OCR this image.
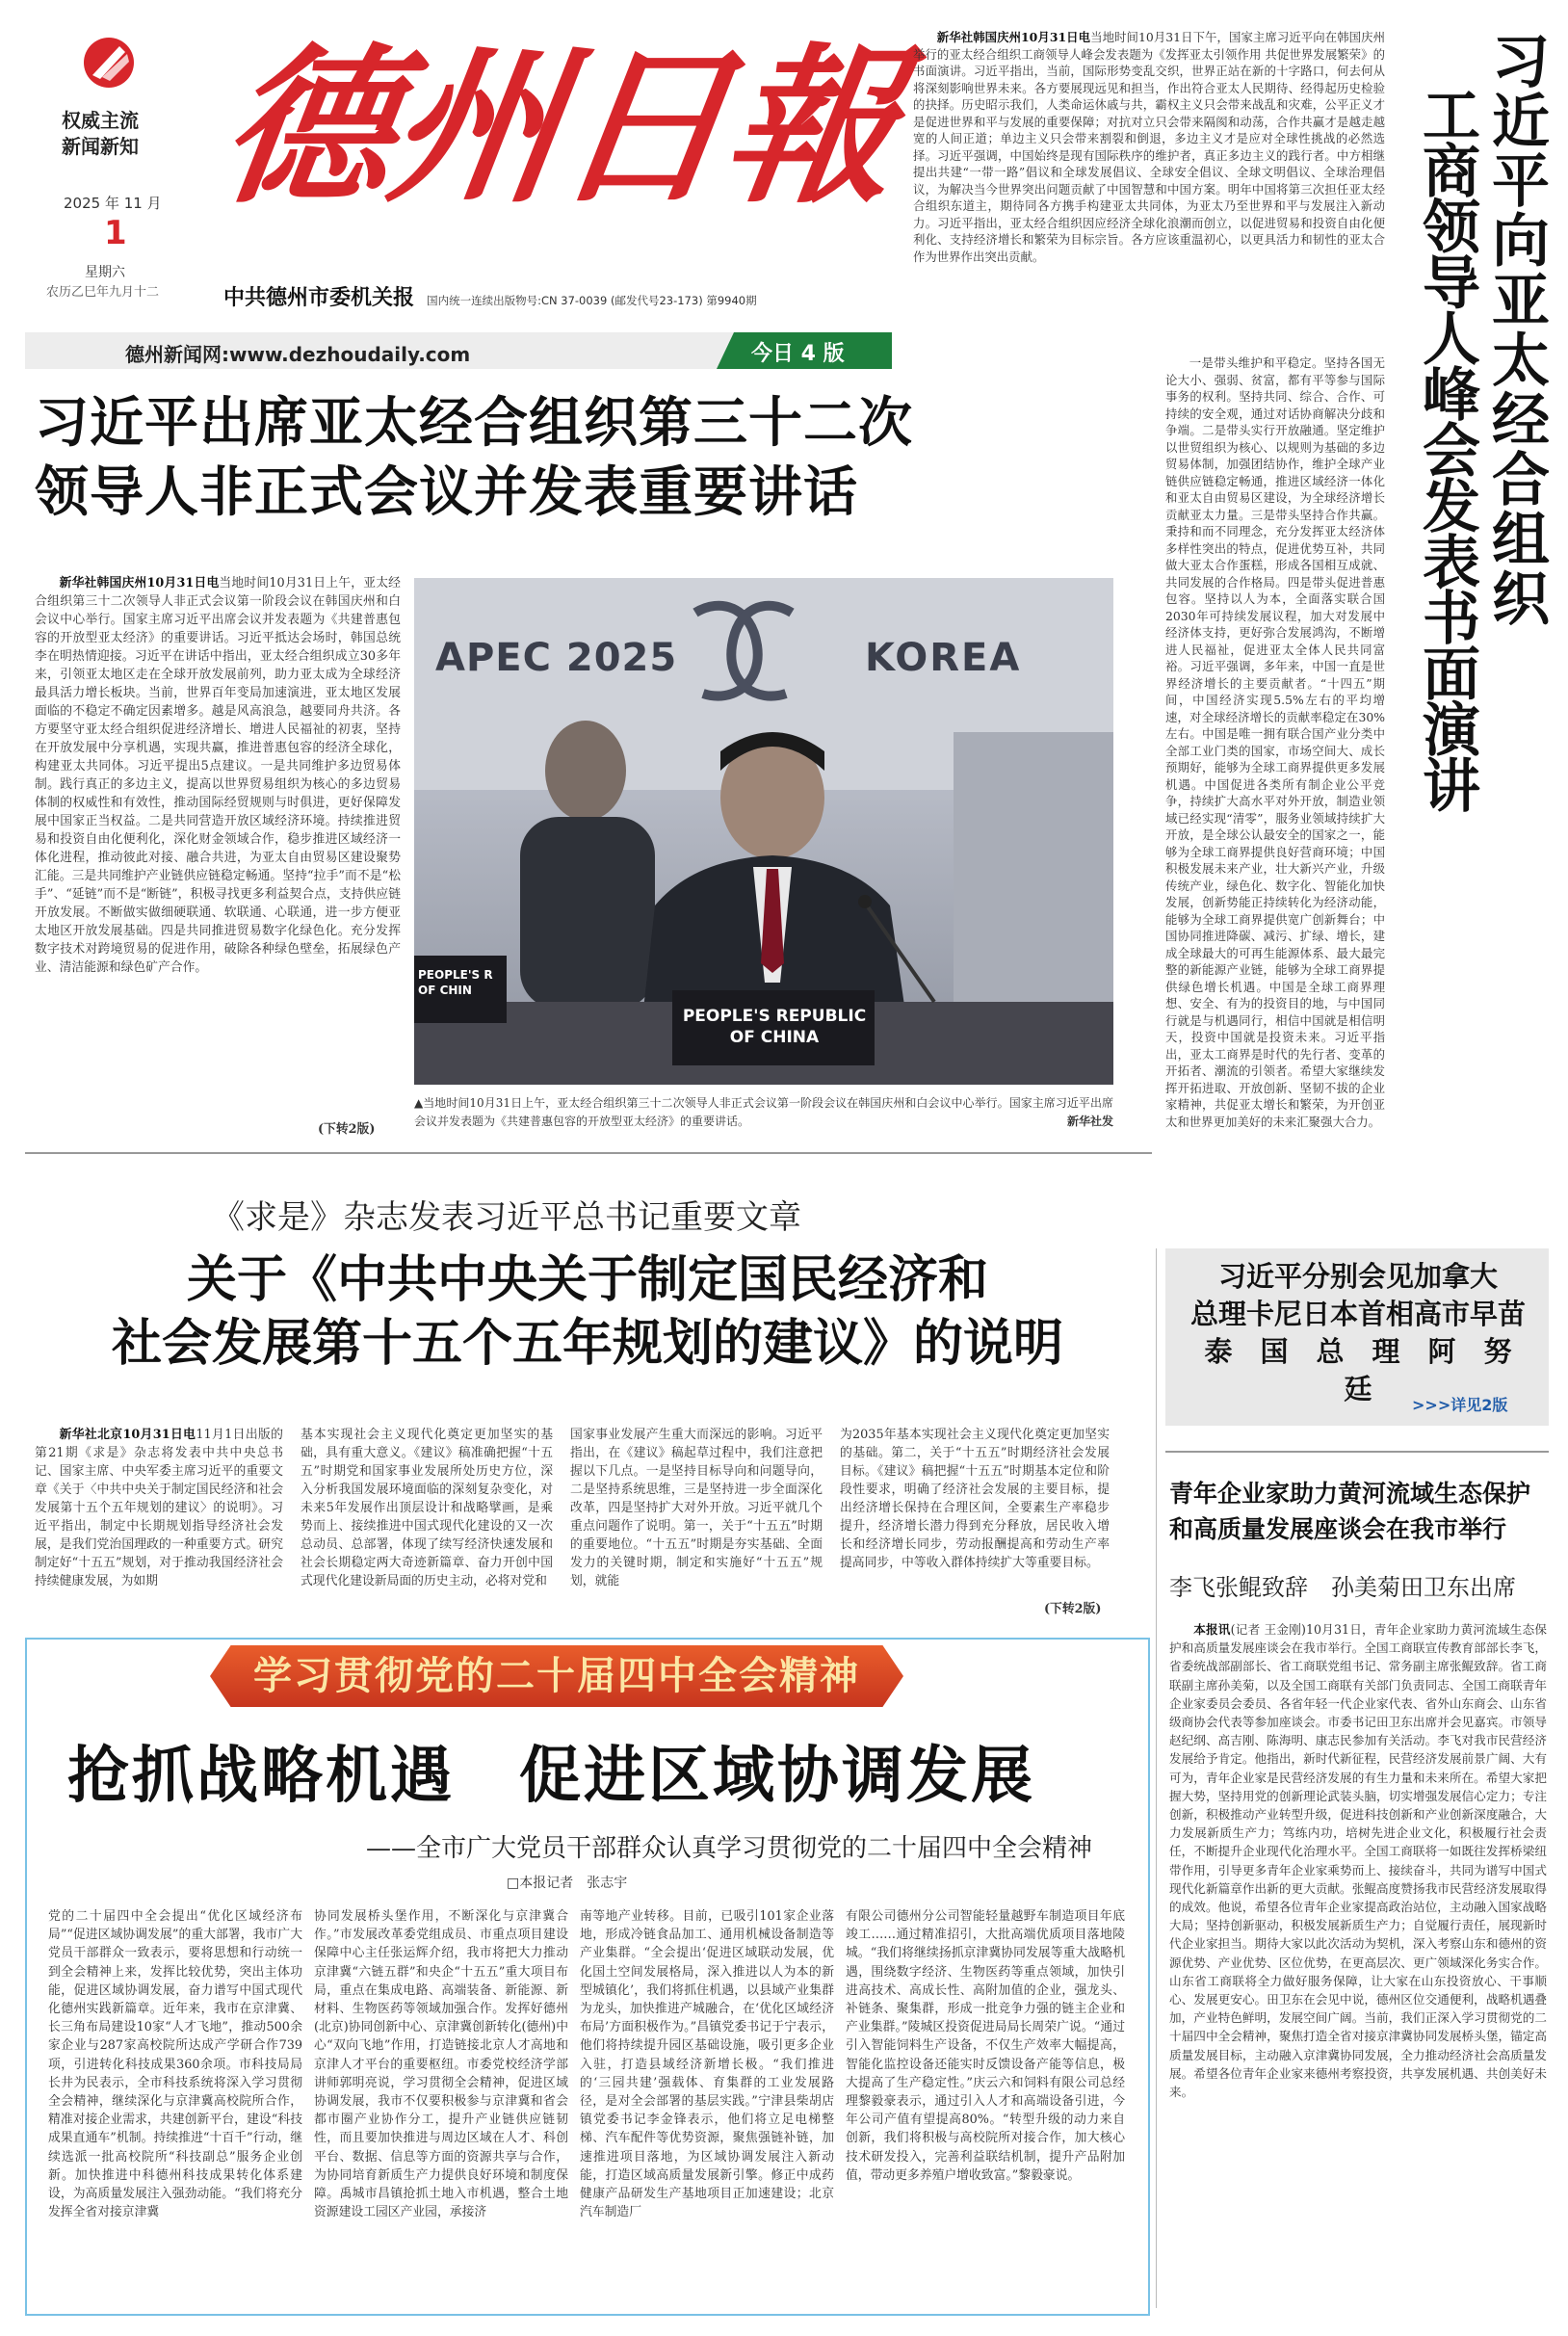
权威主流
新闻新知
2025 年 11 月
1
星期六
农历乙巳年九月十二
德州日報
中共德州市委机关报 国内统一连续出版物号:CN 37-0039 (邮发代号23-173) 第9940期
德州新闻网:www.dezhoudaily.com	今日 4 版

新华社韩国庆州10月31日电当地时间10月31日下午，国家主席习近平向在韩国庆州举行的亚太经合组织工商领导人峰会发表题为《发挥亚太引领作用 共促世界发展繁荣》的书面演讲。习近平指出，当前，国际形势变乱交织，世界正站在新的十字路口，何去何从将深刻影响世界未来。各方要展现远见和担当，作出符合亚太人民期待、经得起历史检验的抉择。历史昭示我们，人类命运休戚与共，霸权主义只会带来战乱和灾难，公平正义才是促进世界和平与发展的重要保障；对抗对立只会带来隔阂和动荡，合作共赢才是越走越宽的人间正道；单边主义只会带来割裂和倒退，多边主义才是应对全球性挑战的必然选择。习近平强调，中国始终是现有国际秩序的维护者，真正多边主义的践行者。中方相继提出共建“一带一路”倡议和全球发展倡议、全球安全倡议、全球文明倡议、全球治理倡议，为解决当今世界突出问题贡献了中国智慧和中国方案。明年中国将第三次担任亚太经合组织东道主，期待同各方携手构建亚太共同体，为亚太乃至世界和平与发展注入新动力。习近平指出，亚太经合组织因应经济全球化浪潮而创立，以促进贸易和投资自由化便利化、支持经济增长和繁荣为目标宗旨。各方应该重温初心，以更具活力和韧性的亚太合作为世界作出突出贡献。	习近平向亚太经合组织
工商领导人峰会发表书面演讲

一是带头维护和平稳定。坚持各国无论大小、强弱、贫富，都有平等参与国际事务的权利。坚持共同、综合、合作、可持续的安全观，通过对话协商解决分歧和争端。二是带头实行开放融通。坚定维护以世贸组织为核心、以规则为基础的多边贸易体制，加强团结协作，维护全球产业链供应链稳定畅通，推进区域经济一体化和亚太自由贸易区建设，为全球经济增长贡献亚太力量。三是带头坚持合作共赢。秉持和而不同理念，充分发挥亚太经济体多样性突出的特点，促进优势互补，共同做大亚太合作蛋糕，形成各国相互成就、共同发展的合作格局。四是带头促进普惠包容。坚持以人为本，全面落实联合国2030年可持续发展议程，加大对发展中经济体支持，更好弥合发展鸿沟，不断增进人民福祉，促进亚太全体人民共同富裕。习近平强调，多年来，中国一直是世界经济增长的主要贡献者。“十四五”期间，中国经济实现5.5%左右的平均增速，对全球经济增长的贡献率稳定在30%左右。中国是唯一拥有联合国产业分类中全部工业门类的国家，市场空间大、成长预期好，能够为全球工商界提供更多发展机遇。中国促进各类所有制企业公平竞争，持续扩大高水平对外开放，制造业领域已经实现“清零”，服务业领域持续扩大开放，是全球公认最安全的国家之一，能够为全球工商界提供良好营商环境；中国积极发展未来产业，壮大新兴产业，升级传统产业，绿色化、数字化、智能化加快发展，创新势能正持续转化为经济动能，能够为全球工商界提供宽广创新舞台；中国协同推进降碳、减污、扩绿、增长，建成全球最大的可再生能源体系、最大最完整的新能源产业链，能够为全球工商界提供绿色增长机遇。中国是全球工商界理想、安全、有为的投资目的地，与中国同行就是与机遇同行，相信中国就是相信明天，投资中国就是投资未来。习近平指出，亚太工商界是时代的先行者、变革的开拓者、潮流的引领者。希望大家继续发挥开拓进取、开放创新、坚韧不拔的企业家精神，共促亚太增长和繁荣，为开创亚太和世界更加美好的未来汇聚强大合力。

习近平出席亚太经合组织第三十二次
领导人非正式会议并发表重要讲话

新华社韩国庆州10月31日电当地时间10月31日上午，亚太经合组织第三十二次领导人非正式会议第一阶段会议在韩国庆州和白会议中心举行。国家主席习近平出席会议并发表题为《共建普惠包容的开放型亚太经济》的重要讲话。习近平抵达会场时，韩国总统李在明热情迎接。习近平在讲话中指出，亚太经合组织成立30多年来，引领亚太地区走在全球开放发展前列，助力亚太成为全球经济最具活力增长板块。当前，世界百年变局加速演进，亚太地区发展面临的不稳定不确定因素增多。越是风高浪急，越要同舟共济。各方要坚守亚太经合组织促进经济增长、增进人民福祉的初衷，坚持在开放发展中分享机遇，实现共赢，推进普惠包容的经济全球化，构建亚太共同体。习近平提出5点建议。一是共同维护多边贸易体制。践行真正的多边主义，提高以世界贸易组织为核心的多边贸易体制的权威性和有效性，推动国际经贸规则与时俱进，更好保障发展中国家正当权益。二是共同营造开放区域经济环境。持续推进贸易和投资自由化便利化，深化财金领域合作，稳步推进区域经济一体化进程，推动彼此对接、融合共进，为亚太自由贸易区建设聚势汇能。三是共同维护产业链供应链稳定畅通。坚持“拉手”而不是“松手”、“延链”而不是“断链”，积极寻找更多利益契合点，支持供应链开放发展。不断做实做细硬联通、软联通、心联通，进一步方便亚太地区开放发展基础。四是共同推进贸易数字化绿色化。充分发挥数字技术对跨境贸易的促进作用，破除各种绿色壁垒，拓展绿色产业、清洁能源和绿色矿产合作。

(下转2版)
APEC 2025	KOREA
PEOPLE'S REPUBLIC
OF CHINA
PEOPLE'S R
OF CHIN
▲当地时间10月31日上午，亚太经合组织第三十二次领导人非正式会议第一阶段会议在韩国庆州和白会议中心举行。国家主席习近平出席会议并发表题为《共建普惠包容的开放型亚太经济》的重要讲话。	新华社发
《求是》杂志发表习近平总书记重要文章
关于《中共中央关于制定国民经济和
社会发展第十五个五年规划的建议》的说明

新华社北京10月31日电11月1日出版的第21期《求是》杂志将发表中共中央总书记、国家主席、中央军委主席习近平的重要文章《关于〈中共中央关于制定国民经济和社会发展第十五个五年规划的建议〉的说明》。习近平指出，制定中长期规划指导经济社会发展，是我们党治国理政的一种重要方式。研究制定好“十五五”规划，对于推动我国经济社会持续健康发展，为如期

基本实现社会主义现代化奠定更加坚实的基础，具有重大意义。《建议》稿准确把握“十五五”时期党和国家事业发展所处历史方位，深入分析我国发展环境面临的深刻复杂变化，对未来5年发展作出顶层设计和战略擘画，是乘势而上、接续推进中国式现代化建设的又一次总动员、总部署，体现了续写经济快速发展和社会长期稳定两大奇迹新篇章、奋力开创中国式现代化建设新局面的历史主动，必将对党和
国家事业发展产生重大而深远的影响。习近平指出，在《建议》稿起草过程中，我们注意把握以下几点。一是坚持目标导向和问题导向，二是坚持系统思维，三是坚持进一步全面深化改革，四是坚持扩大对外开放。习近平就几个重点问题作了说明。第一，关于“十五五”时期的重要地位。“十五五”时期是夯实基础、全面发力的关键时期，制定和实施好“十五五”规划，就能
为2035年基本实现社会主义现代化奠定更加坚实的基础。第二，关于“十五五”时期经济社会发展目标。《建议》稿把握“十五五”时期基本定位和阶段性要求，明确了经济社会发展的主要目标，提出经济增长保持在合理区间，全要素生产率稳步提升，经济增长潜力得到充分释放，居民收入增长和经济增长同步，劳动报酬提高和劳动生产率提高同步，中等收入群体持续扩大等重要目标。
(下转2版)
习近平分别会见加拿大
总理卡尼日本首相高市早苗
泰　国　总　理　阿　努　廷	>>>详见2版
青年企业家助力黄河流域生态保护
和高质量发展座谈会在我市举行
李飞张鲲致辞　孙美菊田卫东出席

本报讯(记者 王金刚)10月31日，青年企业家助力黄河流域生态保护和高质量发展座谈会在我市举行。全国工商联宣传教育部部长李飞，省委统战部副部长、省工商联党组书记、常务副主席张鲲致辞。省工商联副主席孙美菊，以及全国工商联有关部门负责同志、全国工商联青年企业家委员会委员、各省年轻一代企业家代表、省外山东商会、山东省级商协会代表等参加座谈会。市委书记田卫东出席并会见嘉宾。市领导赵纪纲、高吉刚、陈海明、康志民参加有关活动。李飞对我市民营经济发展给予肯定。他指出，新时代新征程，民营经济发展前景广阔、大有可为，青年企业家是民营经济发展的有生力量和未来所在。希望大家把握大势，坚持用党的创新理论武装头脑，切实增强发展信心定力；专注创新，积极推动产业转型升级，促进科技创新和产业创新深度融合，大力发展新质生产力；笃练内功，培树先进企业文化，积极履行社会责任，不断提升企业现代化治理水平。全国工商联将一如既往发挥桥梁纽带作用，引导更多青年企业家乘势而上、接续奋斗，共同为谱写中国式现代化新篇章作出新的更大贡献。张鲲高度赞扬我市民营经济发展取得的成效。他说，希望各位青年企业家提高政治站位，主动融入国家战略大局；坚持创新驱动，积极发展新质生产力；自觉履行责任，展现新时代企业家担当。期待大家以此次活动为契机，深入考察山东和德州的资源优势、产业优势、区位优势，在更高层次、更广领域深化务实合作。山东省工商联将全力做好服务保障，让大家在山东投资放心、干事顺心、发展更安心。田卫东在会见中说，德州区位交通便利，战略机遇叠加，产业特色鲜明，发展空间广阔。当前，我们正深入学习贯彻党的二十届四中全会精神，聚焦打造全省对接京津冀协同发展桥头堡，锚定高质量发展目标，主动融入京津冀协同发展，全力推动经济社会高质量发展。希望各位青年企业家来德州考察投资，共享发展机遇、共创美好未来。

学习贯彻党的二十届四中全会精神
抢抓战略机遇　促进区域协调发展
——全市广大党员干部群众认真学习贯彻党的二十届四中全会精神
□本报记者　张志宇
党的二十届四中全会提出“优化区域经济布局”“促进区域协调发展”的重大部署，我市广大党员干部群众一致表示，要将思想和行动统一到全会精神上来，发挥比较优势，突出主体功能，促进区域协调发展，奋力谱写中国式现代化德州实践新篇章。近年来，我市在京津冀、长三角布局建设10家“人才飞地”，推动500余家企业与287家高校院所达成产学研合作739项，引进转化科技成果360余项。市科技局局长井为民表示，全市科技系统将深入学习贯彻全会精神，继续深化与京津冀高校院所合作，精准对接企业需求，共建创新平台，建设“科技成果直通车”机制。持续推进“十百千”行动，继续选派一批高校院所“科技副总”服务企业创新。加快推进中科德州科技成果转化体系建设，为高质量发展注入强劲动能。“我们将充分发挥全省对接京津冀
协同发展桥头堡作用，不断深化与京津冀合作。”市发展改革委党组成员、市重点项目建设保障中心主任张运辉介绍，我市将把大力推动京津冀“六链五群”和央企“十五五”重大项目布局，重点在集成电路、高端装备、新能源、新材料、生物医药等领域加强合作。发挥好德州(北京)协同创新中心、京津冀创新转化(德州)中心“双向飞地”作用，打造链接北京人才高地和京津人才平台的重要枢纽。市委党校经济学部讲师郭明亮说，学习贯彻全会精神，促进区域协调发展，我市不仅要积极参与京津冀和省会都市圈产业协作分工，提升产业链供应链韧性，而且要加快推进与周边区域在人才、科创平台、数据、信息等方面的资源共享与合作，为协同培育新质生产力提供良好环境和制度保障。禹城市昌镇抢抓土地入市机遇，整合土地资源建设工园区产业园，承接济
南等地产业转移。目前，已吸引101家企业落地，形成冷链食品加工、通用机械设备制造等产业集群。“全会提出‘促进区域联动发展，优化国土空间发展格局，深入推进以人为本的新型城镇化’，我们将抓住机遇，以县域产业集群为龙头，加快推进产城融合，在‘优化区域经济布局’方面积极作为。”昌镇党委书记于宁表示，他们将持续提升园区基础设施，吸引更多企业入驻，打造县域经济新增长极。“我们推进的‘三园共建’强载体、育集群的工业发展路径，是对全会部署的基层实践。”宁津县柴胡店镇党委书记李金锋表示，他们将立足电梯整梯、汽车配件等优势资源，聚焦强链补链，加速推进项目落地，为区域协调发展注入新动能，打造区域高质量发展新引擎。修正中成药健康产品研发生产基地项目正加速建设；北京汽车制造厂
有限公司德州分公司智能轻量越野车制造项目年底竣工……通过精准招引，大批高端优质项目落地陵城。“我们将继续扬抓京津冀协同发展等重大战略机遇，围绕数字经济、生物医药等重点领域，加快引进高技术、高成长性、高附加值的企业，强龙头、补链条、聚集群，形成一批竞争力强的链主企业和产业集群。”陵城区投资促进局局长周荣广说。“通过引入智能饲料生产设备，不仅生产效率大幅提高，智能化监控设备还能实时反馈设备产能等信息，极大提高了生产稳定性。”庆云六和饲料有限公司总经理黎毅豪表示，通过引入人才和高端设备引进，今年公司产值有望提高80%。“转型升级的动力来自创新，我们将积极与高校院所对接合作，加大核心技术研发投入，完善利益联结机制，提升产品附加值，带动更多养殖户增收致富。”黎毅豪说。
